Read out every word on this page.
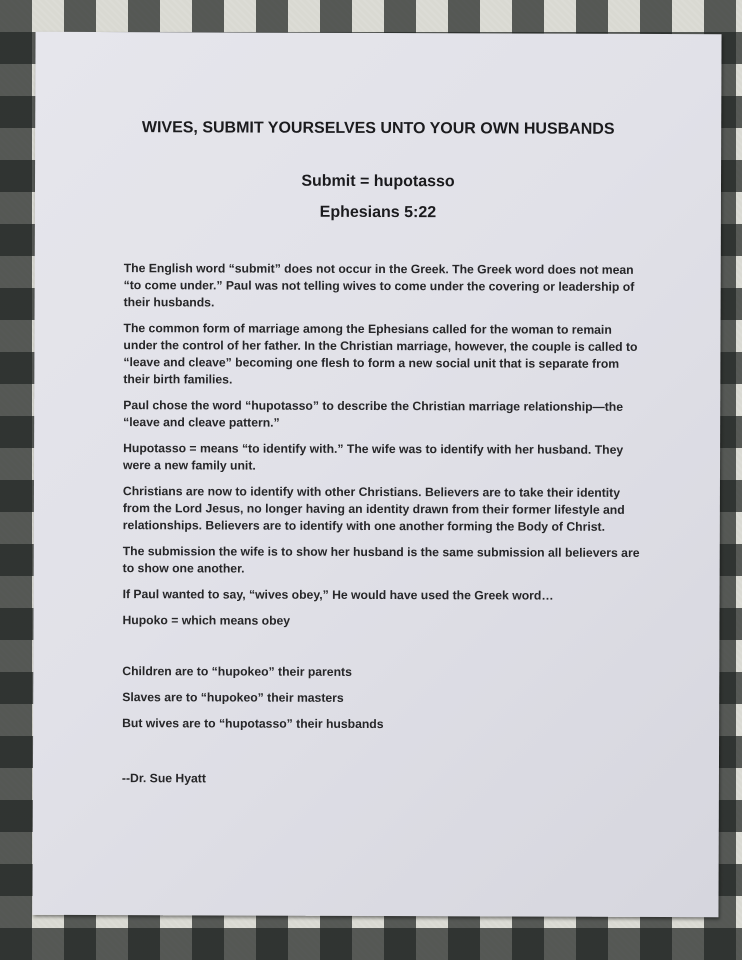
WIVES, SUBMIT YOURSELVES UNTO YOUR OWN HUSBANDS
Submit = hupotasso
Ephesians 5:22

The English word “submit” does not occur in the Greek. The Greek word does not mean “to come under.” Paul was not telling wives to come under the covering or leadership of their husbands.

The common form of marriage among the Ephesians called for the woman to remain under the control of her father. In the Christian marriage, however, the couple is called to “leave and cleave” becoming one flesh to form a new social unit that is separate from their birth families.

Paul chose the word “hupotasso” to describe the Christian marriage relationship—the “leave and cleave pattern.”

Hupotasso = means “to identify with.” The wife was to identify with her husband. They were a new family unit.

Christians are now to identify with other Christians. Believers are to take their identity from the Lord Jesus, no longer having an identity drawn from their former lifestyle and relationships. Believers are to identify with one another forming the Body of Christ.

The submission the wife is to show her husband is the same submission all believers are to show one another.

If Paul wanted to say, “wives obey,” He would have used the Greek word…

Hupoko = which means obey

Children are to “hupokeo” their parents

Slaves are to “hupokeo” their masters

But wives are to “hupotasso” their husbands

--Dr. Sue Hyatt
